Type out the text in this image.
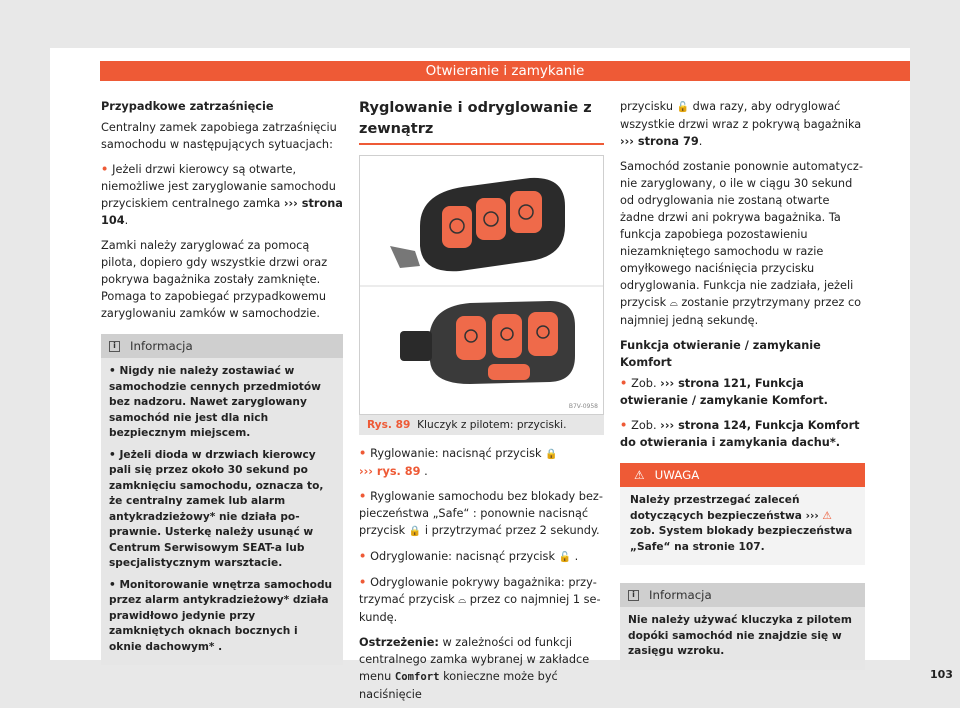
Otwieranie i zamykanie

Przypadkowe zatrzaśnięcie

Centralny zamek zapobiega zatrzaśnięciu samochodu w następujących sytuacjach:

• Jeżeli drzwi kierowcy są otwarte, niemożliwe jest zaryglowanie samochodu przyciskiem centralnego zamka ››› strona 104.

Zamki należy zaryglować za pomocą pilota, dopiero gdy wszystkie drzwi oraz pokrywa bagażnika zostały zamknięte. Pomaga to zapobiegać przypadkowemu zaryglowaniu zamków w samochodzie.

i	Informacja

• Nigdy nie należy zostawiać w samochodzie cennych przedmiotów bez nadzoru. Nawet zaryglowany samochód nie jest dla nich bezpiecznym miejscem.

• Jeżeli dioda w drzwiach kierowcy pali się przez około 30 sekund po zamknięciu samochodu, oznacza to, że centralny zamek lub alarm antykradzieżowy* nie działa poprawnie. Usterkę należy usunąć w Centrum Serwisowym SEAT-a lub specjalistycznym warsztacie.

• Monitorowanie wnętrza samochodu przez alarm antykradzieżowy* działa prawidłowo jedynie przy zamkniętych oknach bocznych i oknie dachowym* .

Ryglowanie i odryglowanie z zewnątrz
B7V-0958
Rys. 89 Kluczyk z pilotem: przyciski.

• Ryglowanie: nacisnąć przycisk 🔒
››› rys. 89 .

• Ryglowanie samochodu bez blokady bezpieczeństwa „Safe“ : ponownie nacisnąć przycisk 🔒 i przytrzymać przez 2 sekundy.

• Odryglowanie: nacisnąć przycisk 🔓 .

• Odryglowanie pokrywy bagażnika: przytrzymać przycisk ⌓ przez co najmniej 1 sekundę.

Ostrzeżenie: w zależności od funkcji centralnego zamka wybranej w zakładce menu Comfort konieczne może być naciśnięcie

przycisku 🔓 dwa razy, aby odryglować wszystkie drzwi wraz z pokrywą bagażnika ››› strona 79.

Samochód zostanie ponownie automatycznie zaryglowany, o ile w ciągu 30 sekund od odryglowania nie zostaną otwarte żadne drzwi ani pokrywa bagażnika. Ta funkcja zapobiega pozostawieniu niezamkniętego samochodu w razie omyłkowego naciśnięcia przycisku odryglowania. Funkcja nie zadziała, jeżeli przycisk ⌓ zostanie przytrzymany przez co najmniej jedną sekundę.

Funkcja otwieranie / zamykanie Komfort

• Zob. ››› strona 121, Funkcja otwieranie / zamykanie Komfort.

• Zob. ››› strona 124, Funkcja Komfort do otwierania i zamykania dachu*.

⚠ UWAGA
Należy przestrzegać zaleceń dotyczących bezpieczeństwa ››› ⚠ zob. System blokady bezpieczeństwa „Safe“ na stronie 107.
i	Informacja
Nie należy używać kluczyka z pilotem dopóki samochód nie znajdzie się w zasięgu wzroku.
103
